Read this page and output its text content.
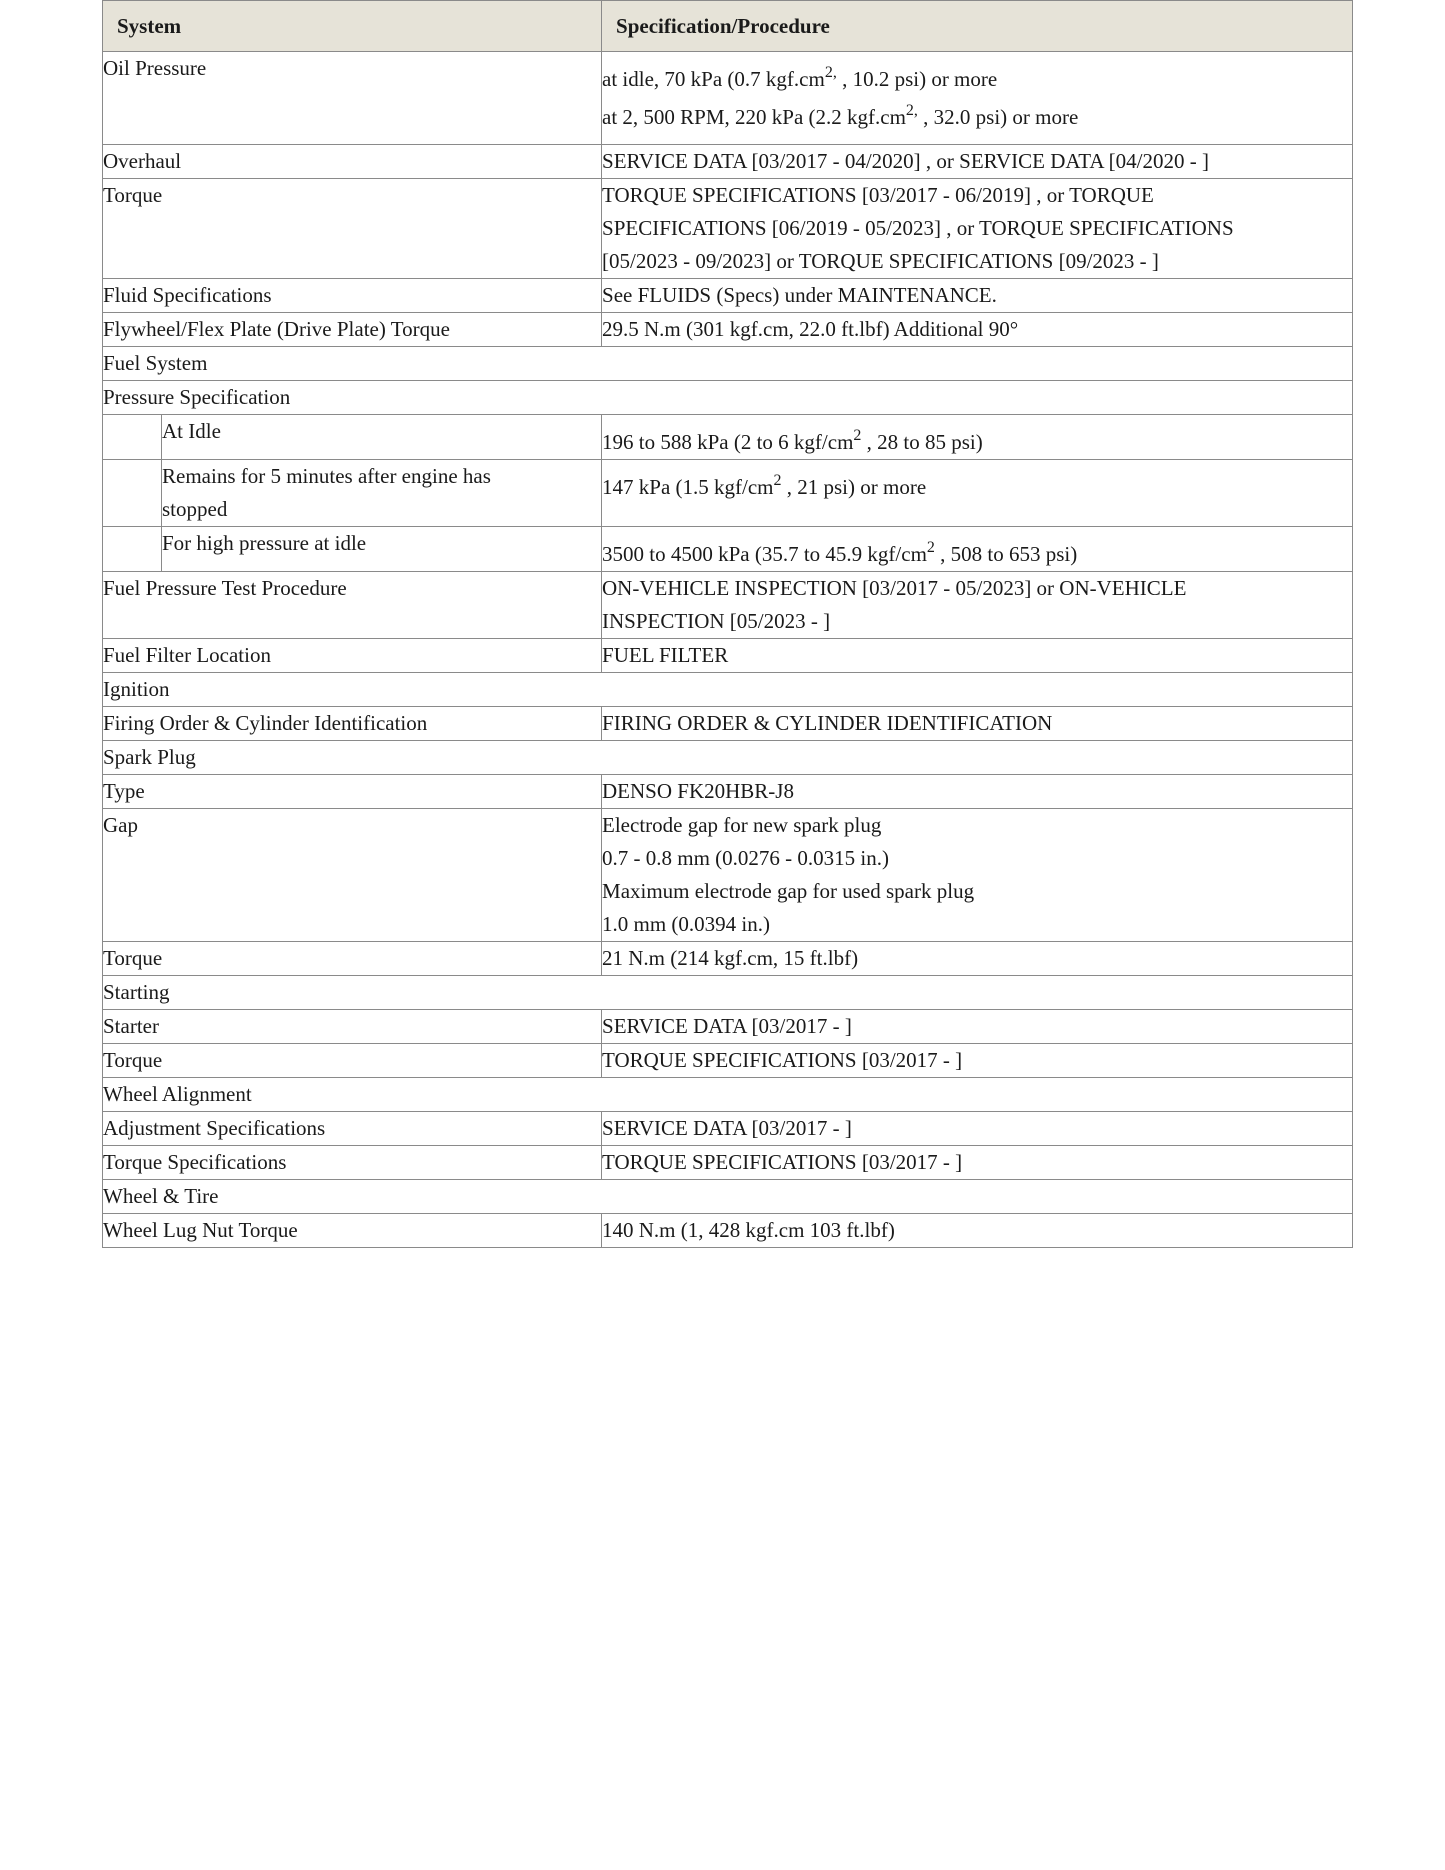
System		Specification/Procedure
Oil Pressure		at idle, 70 kPa (0.7 $kgf.cm^{2,}$ , 10.2 psi) or more
at 2, 500 RPM, 220 kPa (2.2 $kgf.cm^{2,}$ , 32.0 psi) or more

Overhaul		SERVICE DATA [03/2017 - 04/2020] , or SERVICE DATA [04/2020 - ]
Torque		TORQUE SPECIFICATIONS [03/2017 - 06/2019] , or TORQUE SPECIFICATIONS [06/2019 - 05/2023] , or TORQUE SPECIFICATIONS [05/2023 - 09/2023] or TORQUE SPECIFICATIONS [09/2023 - ]
Fluid Specifications		See FLUIDS (Specs) under MAINTENANCE.
Flywheel/Flex Plate (Drive Plate) Torque		29.5 N.m (301 kgf.cm, 22.0 ft.lbf) Additional 90°
Fuel System		
Pressure Specification		
	At Idle	196 to 588 kPa (2 to 6 kgf/$cm^2$ , 28 to 85 psi)
	Remains for 5 minutes after engine has stopped	147 kPa (1.5 kgf/$cm^2$ , 21 psi) or more
	For high pressure at idle	3500 to 4500 kPa (35.7 to 45.9 kgf/$cm^2$ , 508 to 653 psi)
Fuel Pressure Test Procedure		ON-VEHICLE INSPECTION [03/2017 - 05/2023] or ON-VEHICLE INSPECTION [05/2023 - ]
Fuel Filter Location		FUEL FILTER
Ignition		
Firing Order & Cylinder Identification		FIRING ORDER & CYLINDER IDENTIFICATION
Spark Plug		
Type		DENSO FK20HBR-J8
Gap		Electrode gap for new spark plug
0.7 - 0.8 mm (0.0276 - 0.0315 in.)
Maximum electrode gap for used spark plug
1.0 mm (0.0394 in.)

Torque		21 N.m (214 kgf.cm, 15 ft.lbf)
Starting		
Starter		SERVICE DATA [03/2017 - ]
Torque		TORQUE SPECIFICATIONS [03/2017 - ]
Wheel Alignment		
Adjustment Specifications		SERVICE DATA [03/2017 - ]
Torque Specifications		TORQUE SPECIFICATIONS [03/2017 - ]
Wheel & Tire		
Wheel Lug Nut Torque		140 N.m (1, 428 kgf.cm 103 ft.lbf)
